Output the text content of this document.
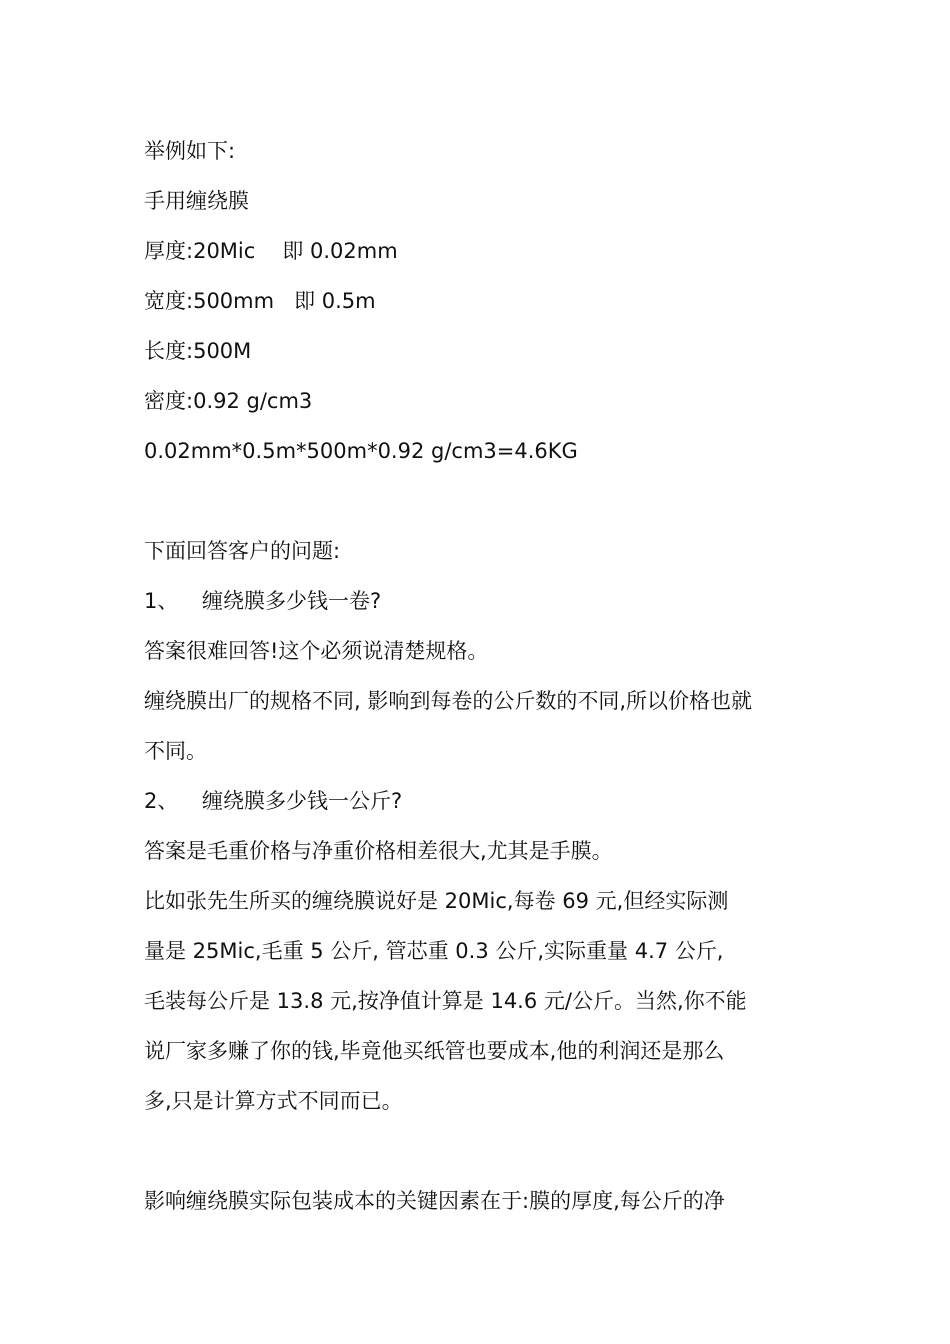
举例如下:
手用缠绕膜
厚度:20Mic 即 0.02mm
宽度:500mm 即 0.5m
长度:500M
密度:0.92 g/cm3
0.02mm*0.5m*500m*0.92 g/cm3=4.6KG
下面回答客户的问题:
1、 缠绕膜多少钱一卷?
答案很难回答!这个必须说清楚规格。
缠绕膜出厂的规格不同, 影响到每卷的公斤数的不同,所以价格也就
不同。
2、 缠绕膜多少钱一公斤?
答案是毛重价格与净重价格相差很大,尤其是手膜。
比如张先生所买的缠绕膜说好是 20Mic,每卷 69 元,但经实际测
量是 25Mic,毛重 5 公斤, 管芯重 0.3 公斤,实际重量 4.7 公斤,
毛装每公斤是 13.8 元,按净值计算是 14.6 元/公斤。当然,你不能
说厂家多赚了你的钱,毕竟他买纸管也要成本,他的利润还是那么
多,只是计算方式不同而已。
影响缠绕膜实际包装成本的关键因素在于:膜的厚度,每公斤的净
